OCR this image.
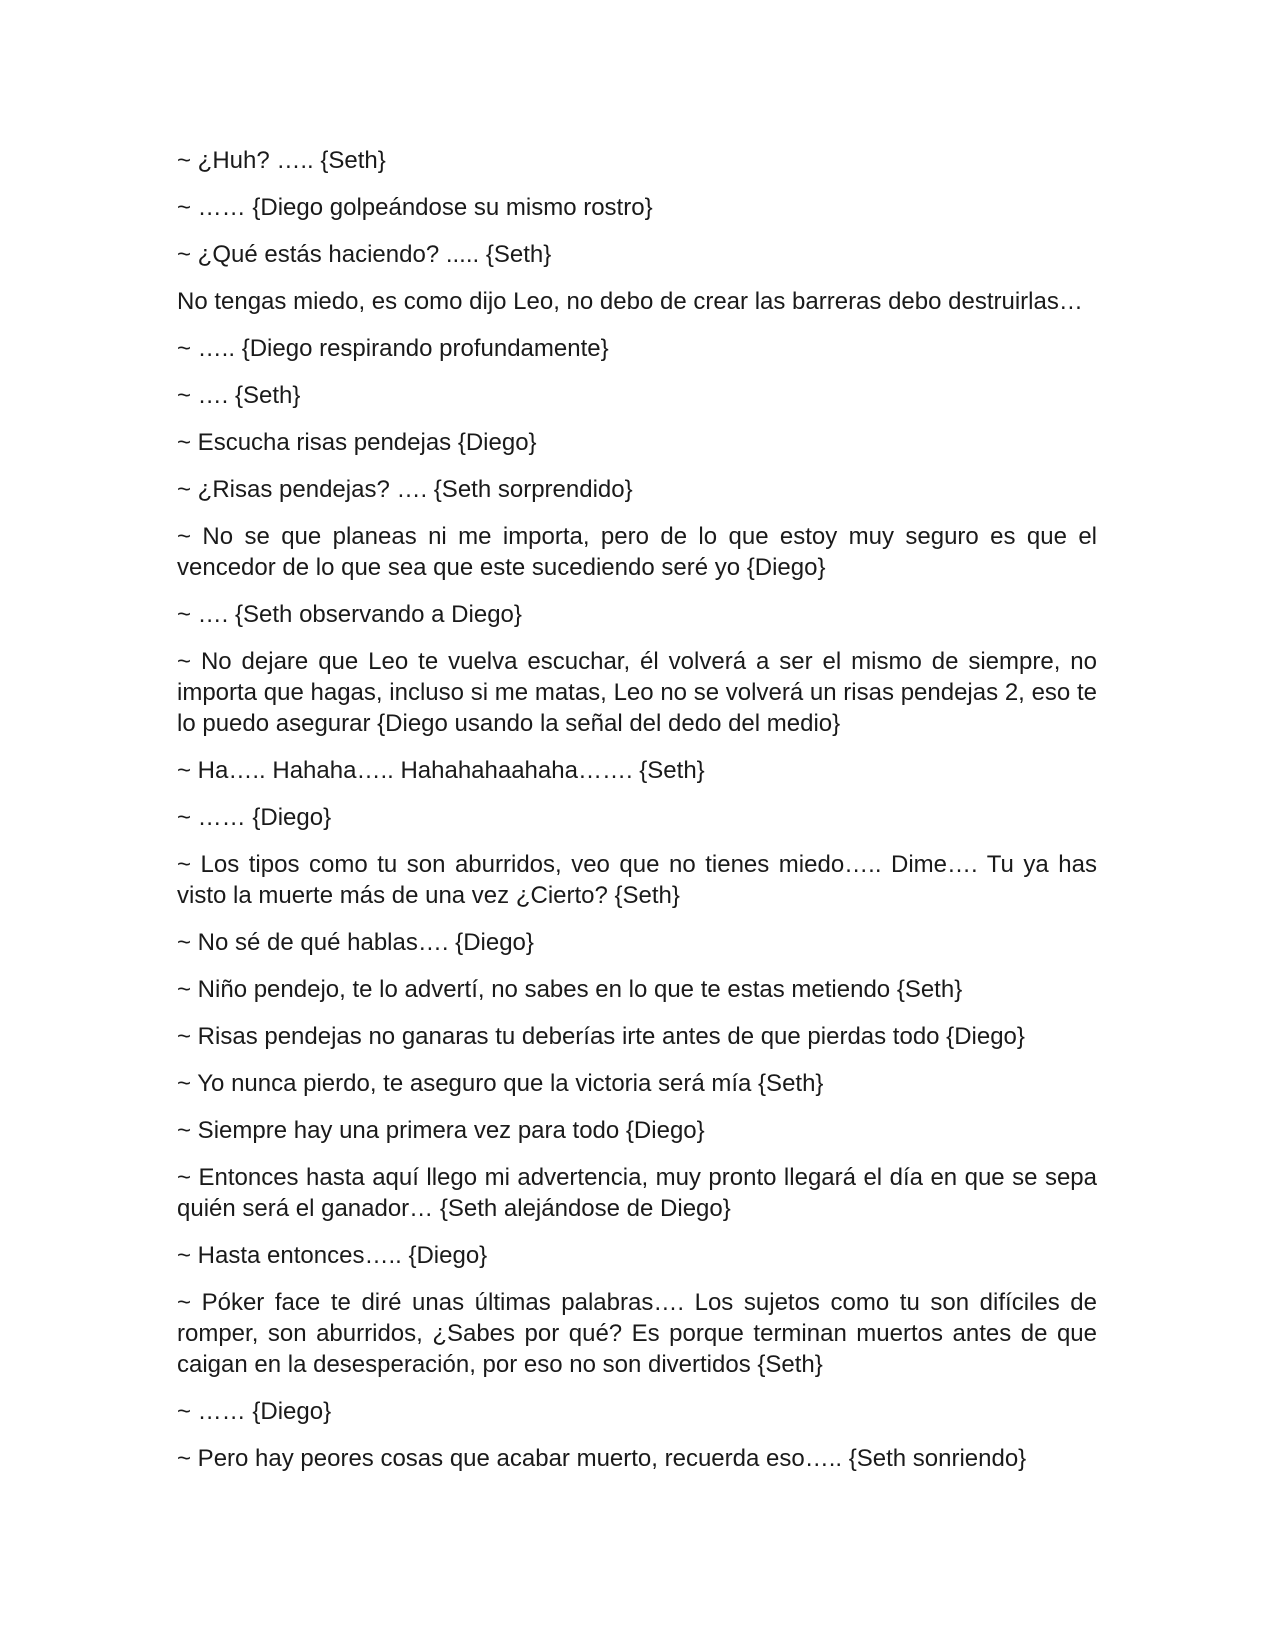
~ ¿Huh? ….. {Seth}

~ …… {Diego golpeándose su mismo rostro}

~ ¿Qué estás haciendo? ..... {Seth}

No tengas miedo, es como dijo Leo, no debo de crear las barreras debo destruirlas…

~ ….. {Diego respirando profundamente}

~ …. {Seth}

~ Escucha risas pendejas {Diego}

~ ¿Risas pendejas? …. {Seth sorprendido}

~ No se que planeas ni me importa, pero de lo que estoy muy seguro es que el vencedor de lo que sea que este sucediendo seré yo {Diego}

~ …. {Seth observando a Diego}

~ No dejare que Leo te vuelva escuchar, él volverá a ser el mismo de siempre, no importa que hagas, incluso si me matas, Leo no se volverá un risas pendejas 2, eso te lo puedo asegurar {Diego usando la señal del dedo del medio}

~ Ha….. Hahaha….. Hahahahaahaha……. {Seth}

~ …… {Diego}

~ Los tipos como tu son aburridos, veo que no tienes miedo….. Dime…. Tu ya has visto la muerte más de una vez ¿Cierto? {Seth}

~ No sé de qué hablas…. {Diego}

~ Niño pendejo, te lo advertí, no sabes en lo que te estas metiendo {Seth}

~ Risas pendejas no ganaras tu deberías irte antes de que pierdas todo {Diego}

~ Yo nunca pierdo, te aseguro que la victoria será mía {Seth}

~ Siempre hay una primera vez para todo {Diego}

~ Entonces hasta aquí llego mi advertencia, muy pronto llegará el día en que se sepa quién será el ganador… {Seth alejándose de Diego}

~ Hasta entonces….. {Diego}

~ Póker face te diré unas últimas palabras…. Los sujetos como tu son difíciles de romper, son aburridos, ¿Sabes por qué? Es porque terminan muertos antes de que caigan en la desesperación, por eso no son divertidos {Seth}

~ …… {Diego}

~ Pero hay peores cosas que acabar muerto, recuerda eso….. {Seth sonriendo}
